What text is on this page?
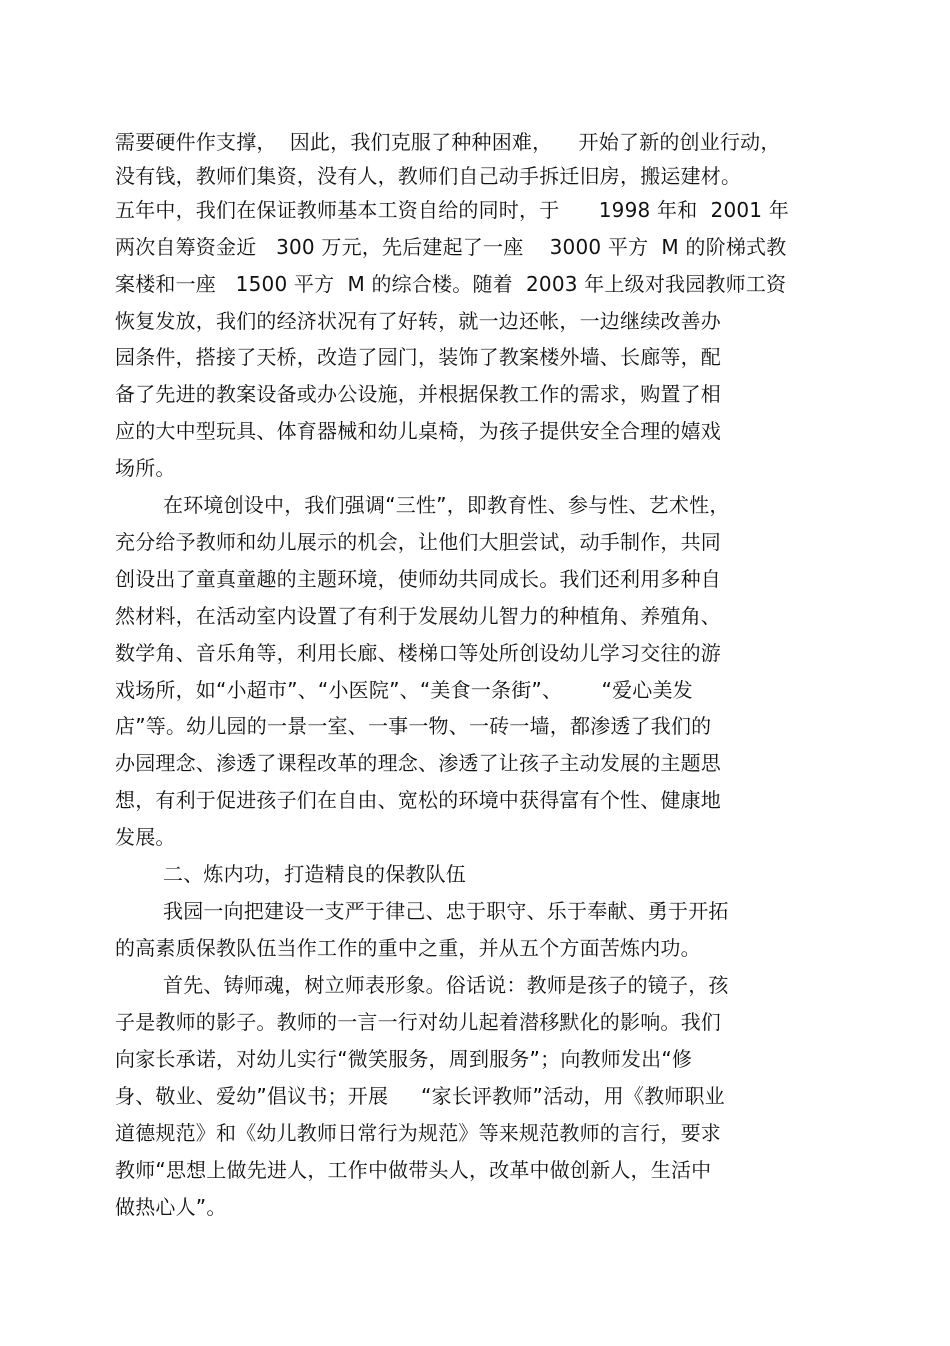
需要硬件作支撑，  因此，我们克服了种种困难，    开始了新的创业行动，
没有钱，教师们集资，没有人，教师们自己动手拆迁旧房，搬运建材。
五年中，我们在保证教师基本工资自给的同时，于      1998 年和  2001 年
两次自筹资金近   300 万元，先后建起了一座    3000 平方  M 的阶梯式教
案楼和一座   1500 平方  M 的综合楼。随着  2003 年上级对我园教师工资
恢复发放，我们的经济状况有了好转，就一边还帐，一边继续改善办
园条件，搭接了天桥，改造了园门，装饰了教案楼外墙、长廊等，配
备了先进的教案设备或办公设施，并根据保教工作的需求，购置了相
应的大中型玩具、体育器械和幼儿桌椅，为孩子提供安全合理的嬉戏
场所。
在环境创设中，我们强调“三性”，即教育性、参与性、艺术性，
充分给予教师和幼儿展示的机会，让他们大胆尝试，动手制作，共同
创设出了童真童趣的主题环境，使师幼共同成长。我们还利用多种自
然材料，在活动室内设置了有利于发展幼儿智力的种植角、养殖角、
数学角、音乐角等，利用长廊、楼梯口等处所创设幼儿学习交往的游
戏场所，如“小超市”、“小医院”、“美食一条街”、      “爱心美发
店”等。幼儿园的一景一室、一事一物、一砖一墙，都渗透了我们的
办园理念、渗透了课程改革的理念、渗透了让孩子主动发展的主题思
想，有利于促进孩子们在自由、宽松的环境中获得富有个性、健康地
发展。
二、炼内功，打造精良的保教队伍
我园一向把建设一支严于律己、忠于职守、乐于奉献、勇于开拓
的高素质保教队伍当作工作的重中之重，并从五个方面苦炼内功。
首先、铸师魂，树立师表形象。俗话说：教师是孩子的镜子，孩
子是教师的影子。教师的一言一行对幼儿起着潜移默化的影响。我们
向家长承诺，对幼儿实行“微笑服务，周到服务”；向教师发出“修
身、敬业、爱幼”倡议书；开展     “家长评教师”活动，用《教师职业
道德规范》和《幼儿教师日常行为规范》等来规范教师的言行，要求
教师“思想上做先进人，工作中做带头人，改革中做创新人，生活中
做热心人”。
